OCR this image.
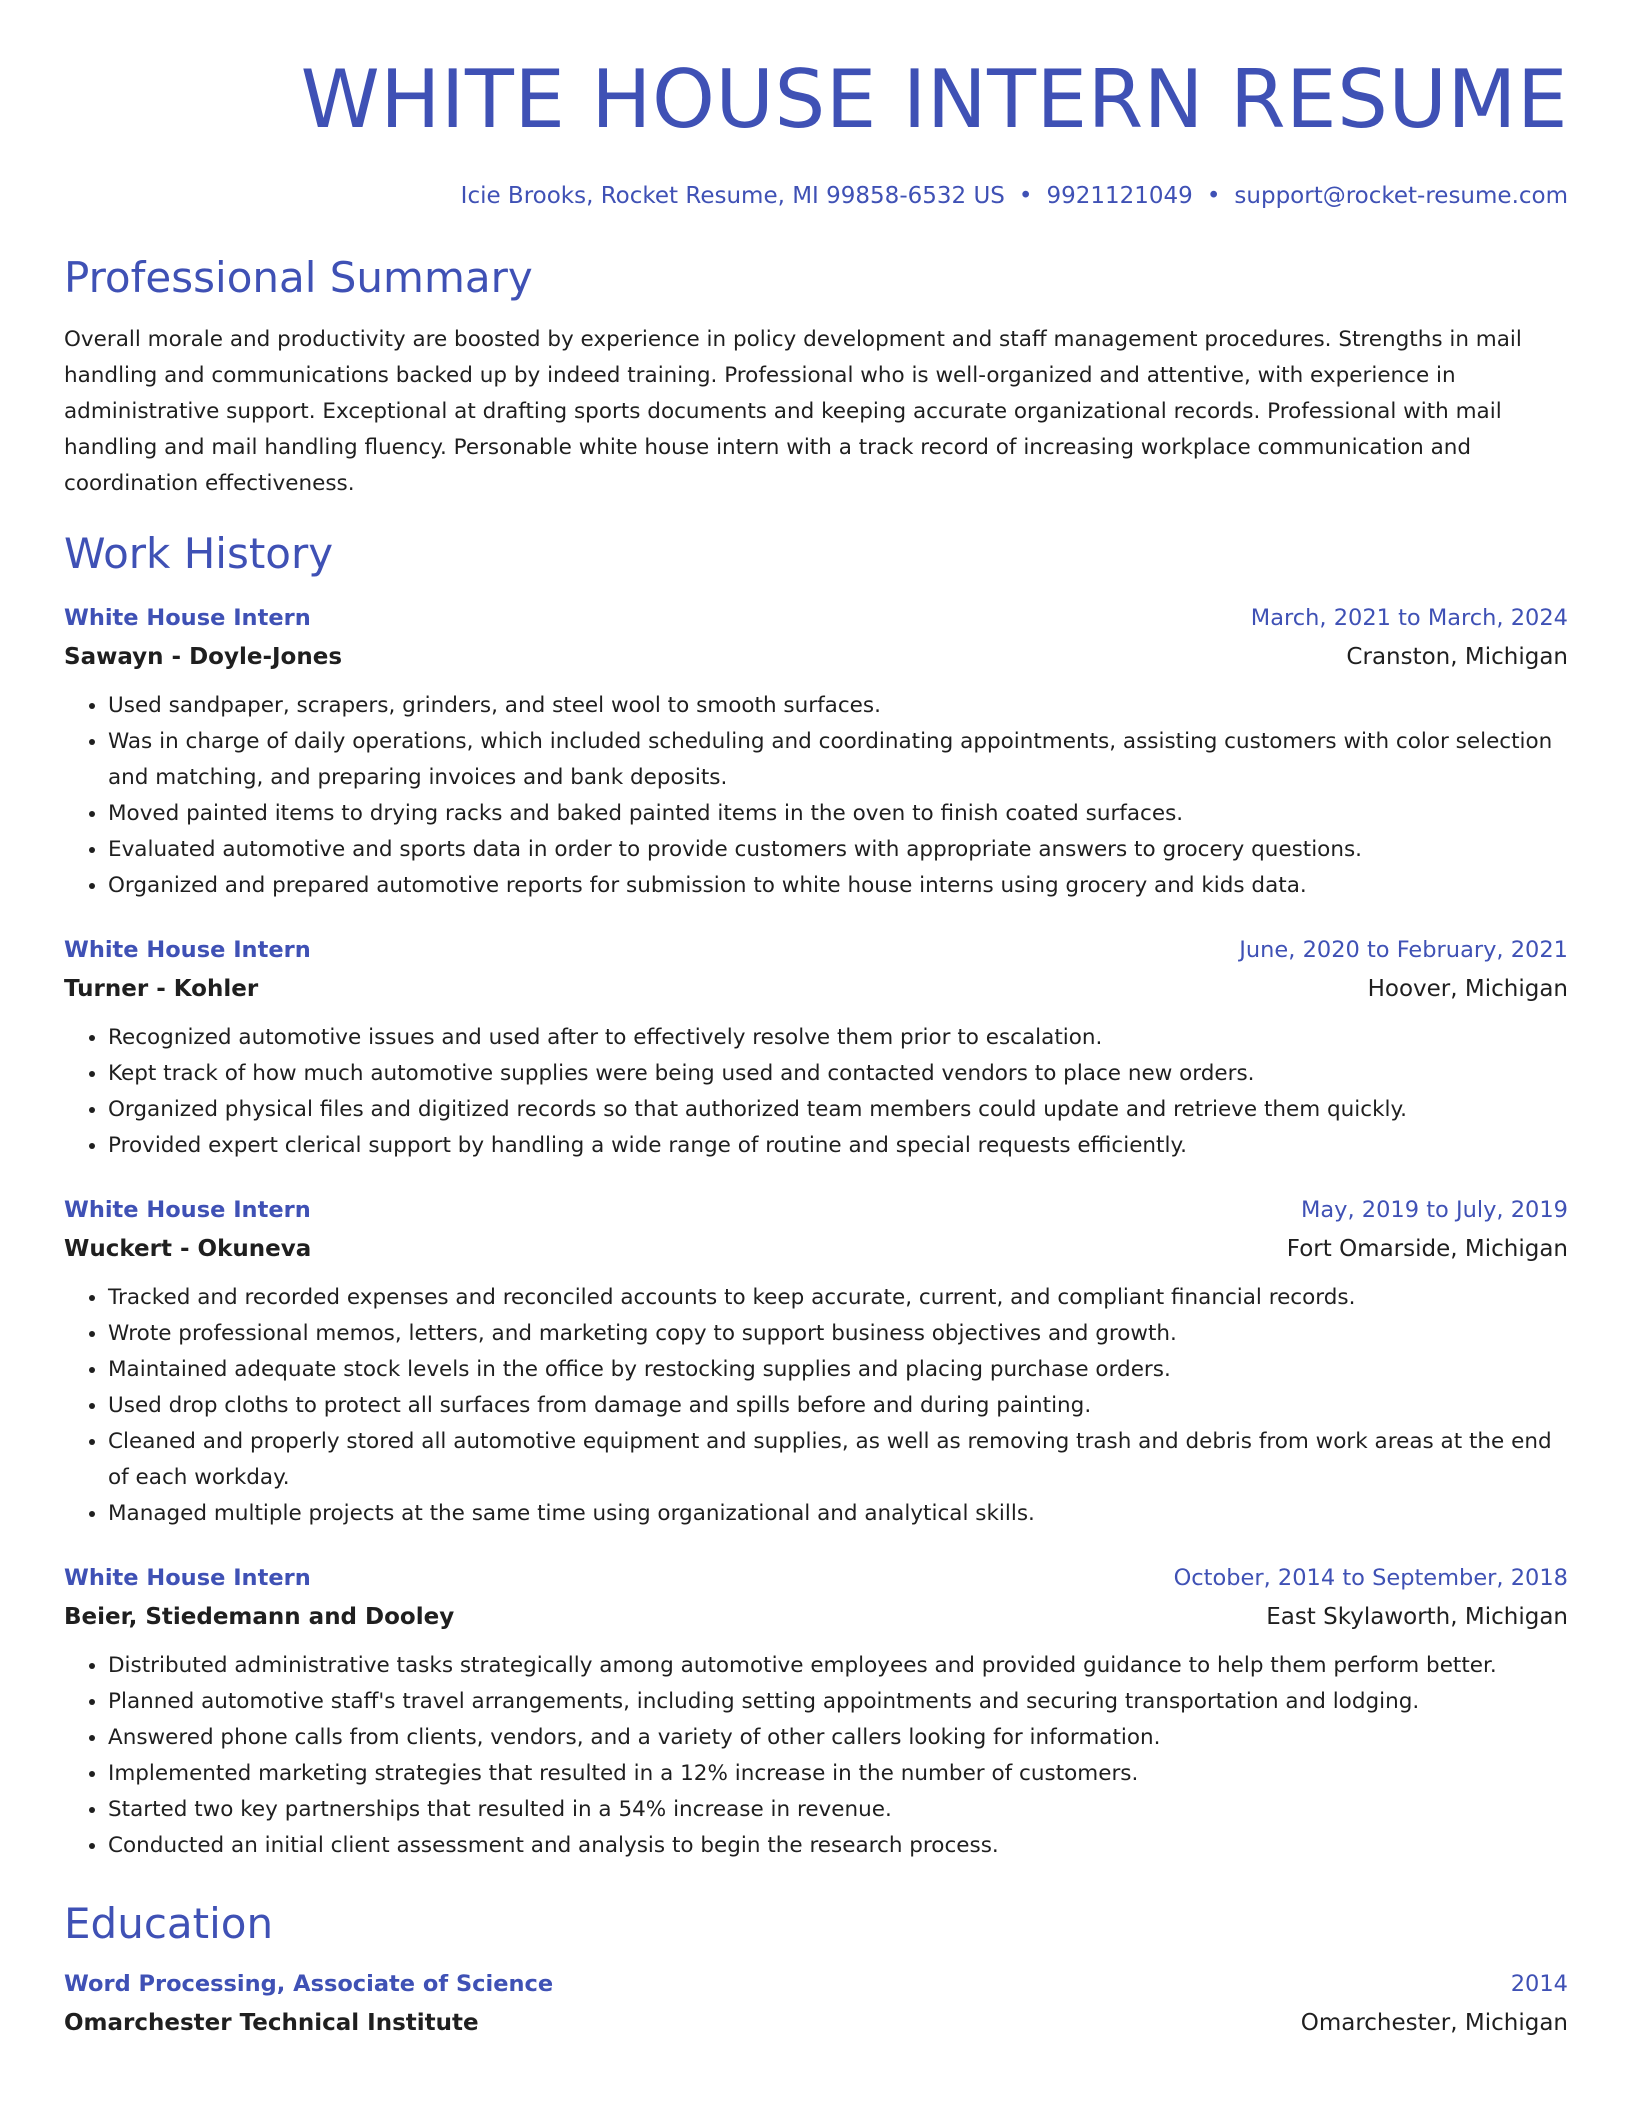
WHITE HOUSE INTERN RESUME
Icie Brooks, Rocket Resume, MI 99858-6532 US • 9921121049 • support@rocket-resume.com
Professional Summary
Overall morale and productivity are boosted by experience in policy development and staff management procedures. Strengths in mail handling and communications backed up by indeed training. Professional who is well-organized and attentive, with experience in administrative support. Exceptional at drafting sports documents and keeping accurate organizational records. Professional with mail handling and mail handling fluency. Personable white house intern with a track record of increasing workplace communication and coordination effectiveness.
Work History
White House Intern	March, 2021 to March, 2024
Sawayn - Doyle-Jones	Cranston, Michigan
• Used sandpaper, scrapers, grinders, and steel wool to smooth surfaces.
• Was in charge of daily operations, which included scheduling and coordinating appointments, assisting customers with color selection and matching, and preparing invoices and bank deposits.
• Moved painted items to drying racks and baked painted items in the oven to finish coated surfaces.
• Evaluated automotive and sports data in order to provide customers with appropriate answers to grocery questions.
• Organized and prepared automotive reports for submission to white house interns using grocery and kids data.
White House Intern	June, 2020 to February, 2021
Turner - Kohler	Hoover, Michigan
• Recognized automotive issues and used after to effectively resolve them prior to escalation.
• Kept track of how much automotive supplies were being used and contacted vendors to place new orders.
• Organized physical files and digitized records so that authorized team members could update and retrieve them quickly.
• Provided expert clerical support by handling a wide range of routine and special requests efficiently.
White House Intern	May, 2019 to July, 2019
Wuckert - Okuneva	Fort Omarside, Michigan
• Tracked and recorded expenses and reconciled accounts to keep accurate, current, and compliant financial records.
• Wrote professional memos, letters, and marketing copy to support business objectives and growth.
• Maintained adequate stock levels in the office by restocking supplies and placing purchase orders.
• Used drop cloths to protect all surfaces from damage and spills before and during painting.
• Cleaned and properly stored all automotive equipment and supplies, as well as removing trash and debris from work areas at the end of each workday.
• Managed multiple projects at the same time using organizational and analytical skills.
White House Intern	October, 2014 to September, 2018
Beier, Stiedemann and Dooley	East Skylaworth, Michigan
• Distributed administrative tasks strategically among automotive employees and provided guidance to help them perform better.
• Planned automotive staff's travel arrangements, including setting appointments and securing transportation and lodging.
• Answered phone calls from clients, vendors, and a variety of other callers looking for information.
• Implemented marketing strategies that resulted in a 12% increase in the number of customers.
• Started two key partnerships that resulted in a 54% increase in revenue.
• Conducted an initial client assessment and analysis to begin the research process.
Education
Word Processing, Associate of Science	2014
Omarchester Technical Institute	Omarchester, Michigan
